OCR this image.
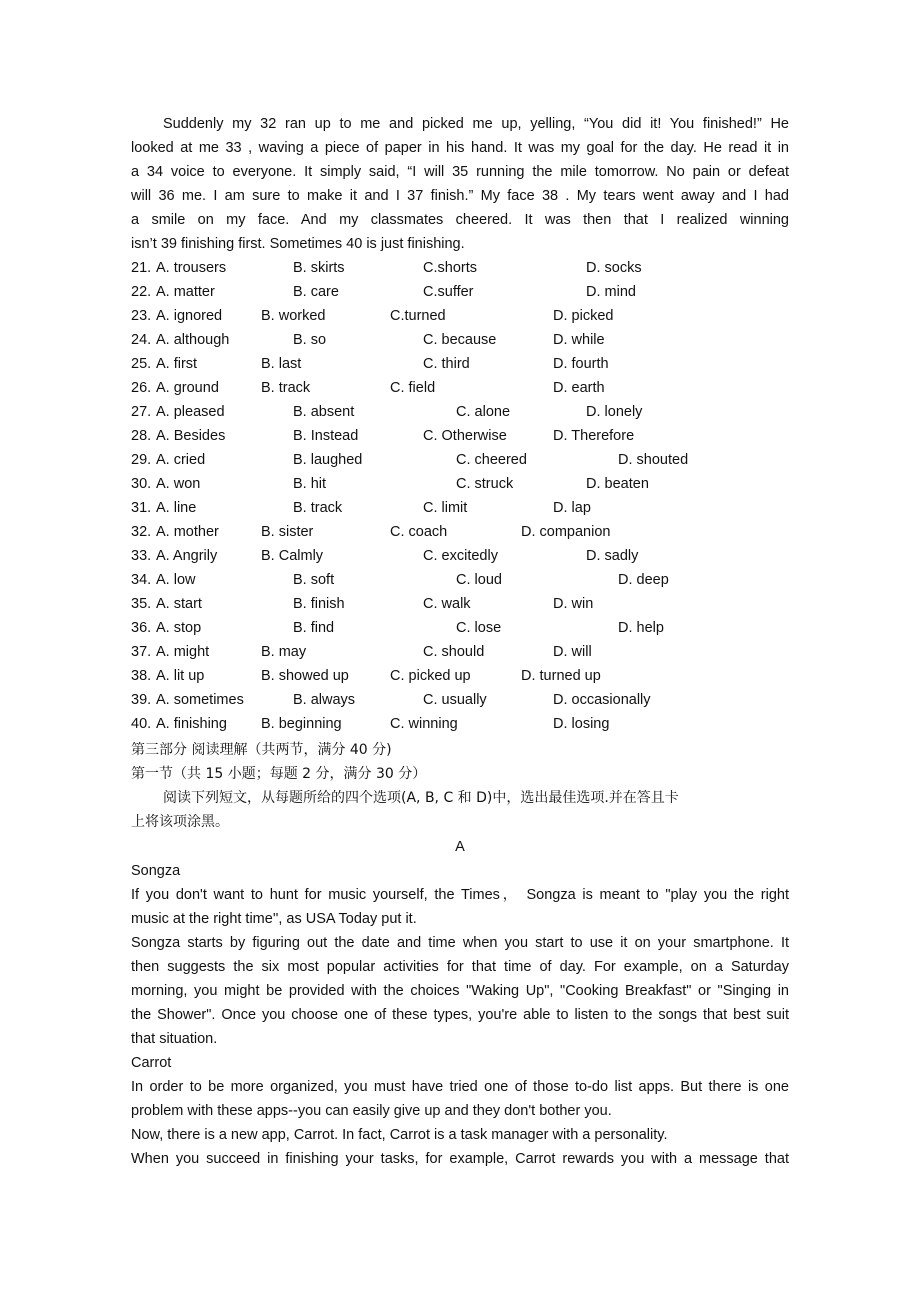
Suddenly my 32 ran up to me and picked me up, yelling, “You did it! You finished!” He
looked at me 33 , waving a piece of paper in his hand. It was my goal for the day. He read it in
a 34 voice to everyone. It simply said, “I will 35 running the mile tomorrow. No pain or defeat
will 36 me. I am sure to make it and I 37 finish.” My face 38 . My tears went away and I had
a smile on my face. And my classmates cheered. It was then that I realized winning
isn’t 39 finishing first. Sometimes 40 is just finishing.
21. A. trousers	B. skirts	C.shorts	D. socks
22. A. matter	B. care	C.suffer	D. mind
23. A. ignored	B. worked	C.turned	D. picked
24. A. although	B. so	C. because	D. while
25. A. first	B. last	C. third	D. fourth
26. A. ground	B. track	C. field	D. earth
27. A. pleased	B. absent	C. alone	D. lonely
28. A. Besides	B. Instead	C. Otherwise	D. Therefore
29. A. cried	B. laughed	C. cheered	D. shouted
30. A. won	B. hit	C. struck	D. beaten
31. A. line	B. track	C. limit	D. lap
32. A. mother	B. sister	C. coach	D. companion
33. A. Angrily	B. Calmly	C. excitedly	D. sadly
34. A. low	B. soft	C. loud	D. deep
35. A. start	B. finish	C. walk	D. win
36. A. stop	B. find	C. lose	D. help
37. A. might	B. may	C. should	D. will
38. A. lit up	B. showed up	C. picked up	D. turned up
39. A. sometimes	B. always	C. usually	D. occasionally
40. A. finishing B. beginning	C. winning	D. losing
第三部分 阅读理解（共两节，满分 40 分)
第一节（共 15 小题；每题 2 分，满分 30 分）
阅读下列短文，从每题所给的四个选项(A, B, C 和 D)中，选出最佳选项.并在答且卡
上将该项涂黑。
A
Songza
If you don't want to hunt for music yourself, the Times， Songza is meant to "play you the right
music at the right time'', as USA Today put it.
Songza starts by figuring out the date and time when you start to use it on your smartphone. It
then suggests the six most popular activities for that time of day. For example, on a Saturday
morning, you might be provided with the choices "Waking Up", "Cooking Breakfast" or "Singing in
the Shower". Once you choose one of these types, you're able to listen to the songs that best suit
that situation.
Carrot
In order to be more organized, you must have tried one of those to-do list apps. But there is one
problem with these apps--you can easily give up and they don't bother you.
Now, there is a new app, Carrot. In fact, Carrot is a task manager with a personality.
When you succeed in finishing your tasks, for example, Carrot rewards you with a message that
